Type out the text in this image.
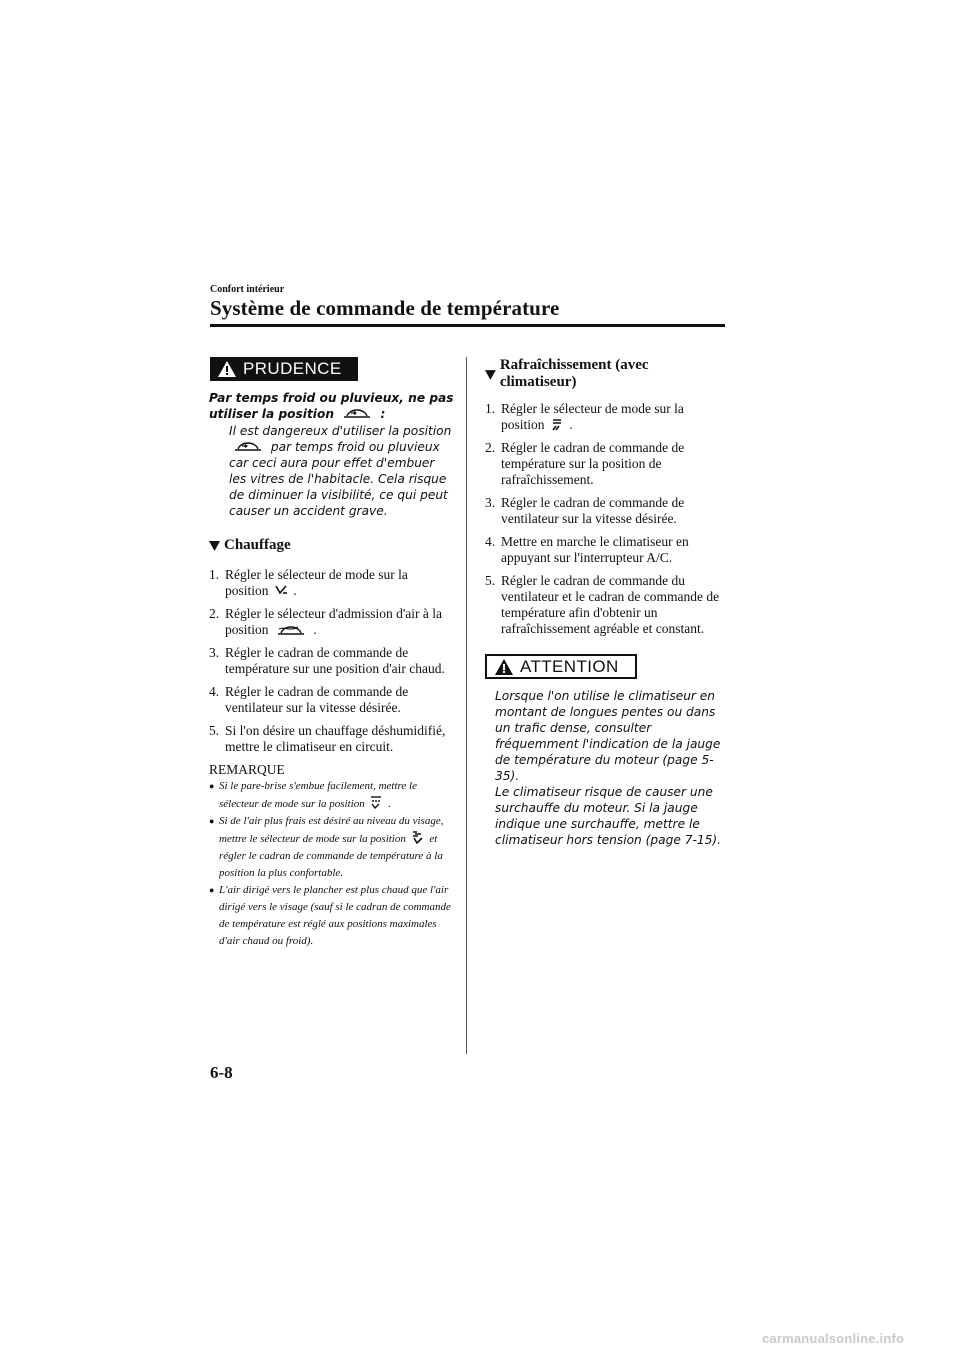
Confort intérieur
Système de commande de température
PRUDENCE
Par temps froid ou pluvieux, ne pas utiliser la position	:
Il est dangereux d'utiliser la position  par temps froid ou pluvieux car ceci aura pour effet d'embuer les vitres de l'habitacle. Cela risque de diminuer la visibilité, ce qui peut causer un accident grave.
Chauffage
1. Régler le sélecteur de mode sur la position .
2. Régler le sélecteur d'admission d'air à la position	.
3. Régler le cadran de commande de température sur une position d'air chaud.
4. Régler le cadran de commande de ventilateur sur la vitesse désirée.
5. Si l'on désire un chauffage déshumidifié, mettre le climatiseur en circuit.
REMARQUE
● Si le pare-brise s'embue facilement, mettre le sélecteur de mode sur la position .
● Si de l'air plus frais est désiré au niveau du visage, mettre le sélecteur de mode sur la position et régler le cadran de commande de température à la position la plus confortable.
● L'air dirigé vers le plancher est plus chaud que l'air dirigé vers le visage (sauf si le cadran de commande de température est réglé aux positions maximales d'air chaud ou froid).
Rafraîchissement (avec climatiseur)
1. Régler le sélecteur de mode sur la position .
2. Régler le cadran de commande de température sur la position de rafraîchissement.
3. Régler le cadran de commande de ventilateur sur la vitesse désirée.
4. Mettre en marche le climatiseur en appuyant sur l'interrupteur A/C.
5. Régler le cadran de commande du ventilateur et le cadran de commande de température afin d'obtenir un rafraîchissement agréable et constant.
ATTENTION
Lorsque l'on utilise le climatiseur en montant de longues pentes ou dans un trafic dense, consulter fréquemment l'indication de la jauge de température du moteur (page 5-35).
Le climatiseur risque de causer une surchauffe du moteur. Si la jauge indique une surchauffe, mettre le climatiseur hors tension (page 7-15).
6-8
carmanualsonline.info
